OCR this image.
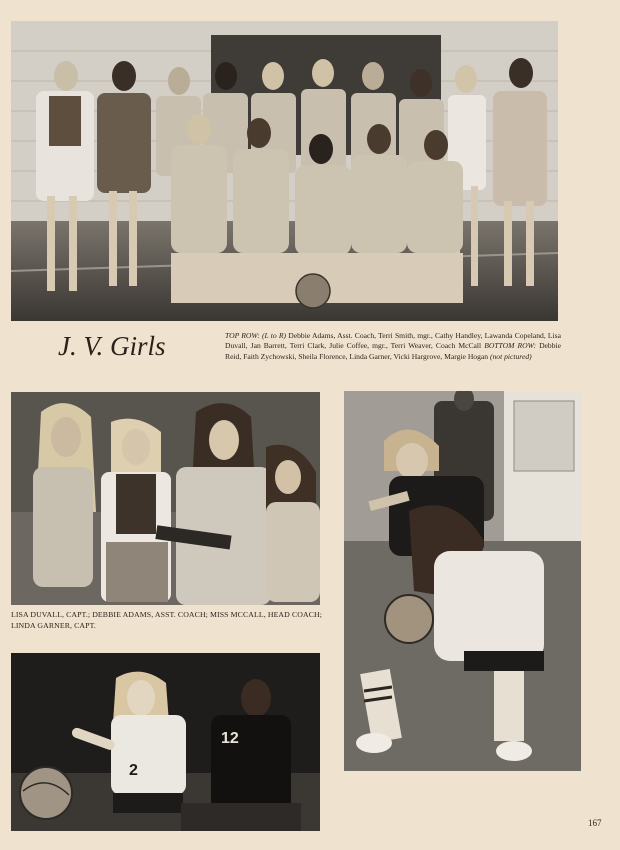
J. V. Girls	TOP ROW: (L to R) Debbie Adams, Asst. Coach, Terri Smith, mgr., Cathy Handley, Lawanda Copeland, Lisa Duvall, Jan Barrett, Terri Clark, Julie Coffee, mgr., Terri Weaver, Coach McCall BOTTOM ROW: Debbie Reid, Faith Zychowski, Sheila Florence, Linda Garner, Vicki Hargrove, Margie Hogan (not pictured)
LISA DUVALL, CAPT.; DEBBIE ADAMS, ASST. COACH; MISS MCCALL, HEAD COACH; LINDA GARNER, CAPT.
2
12
167
